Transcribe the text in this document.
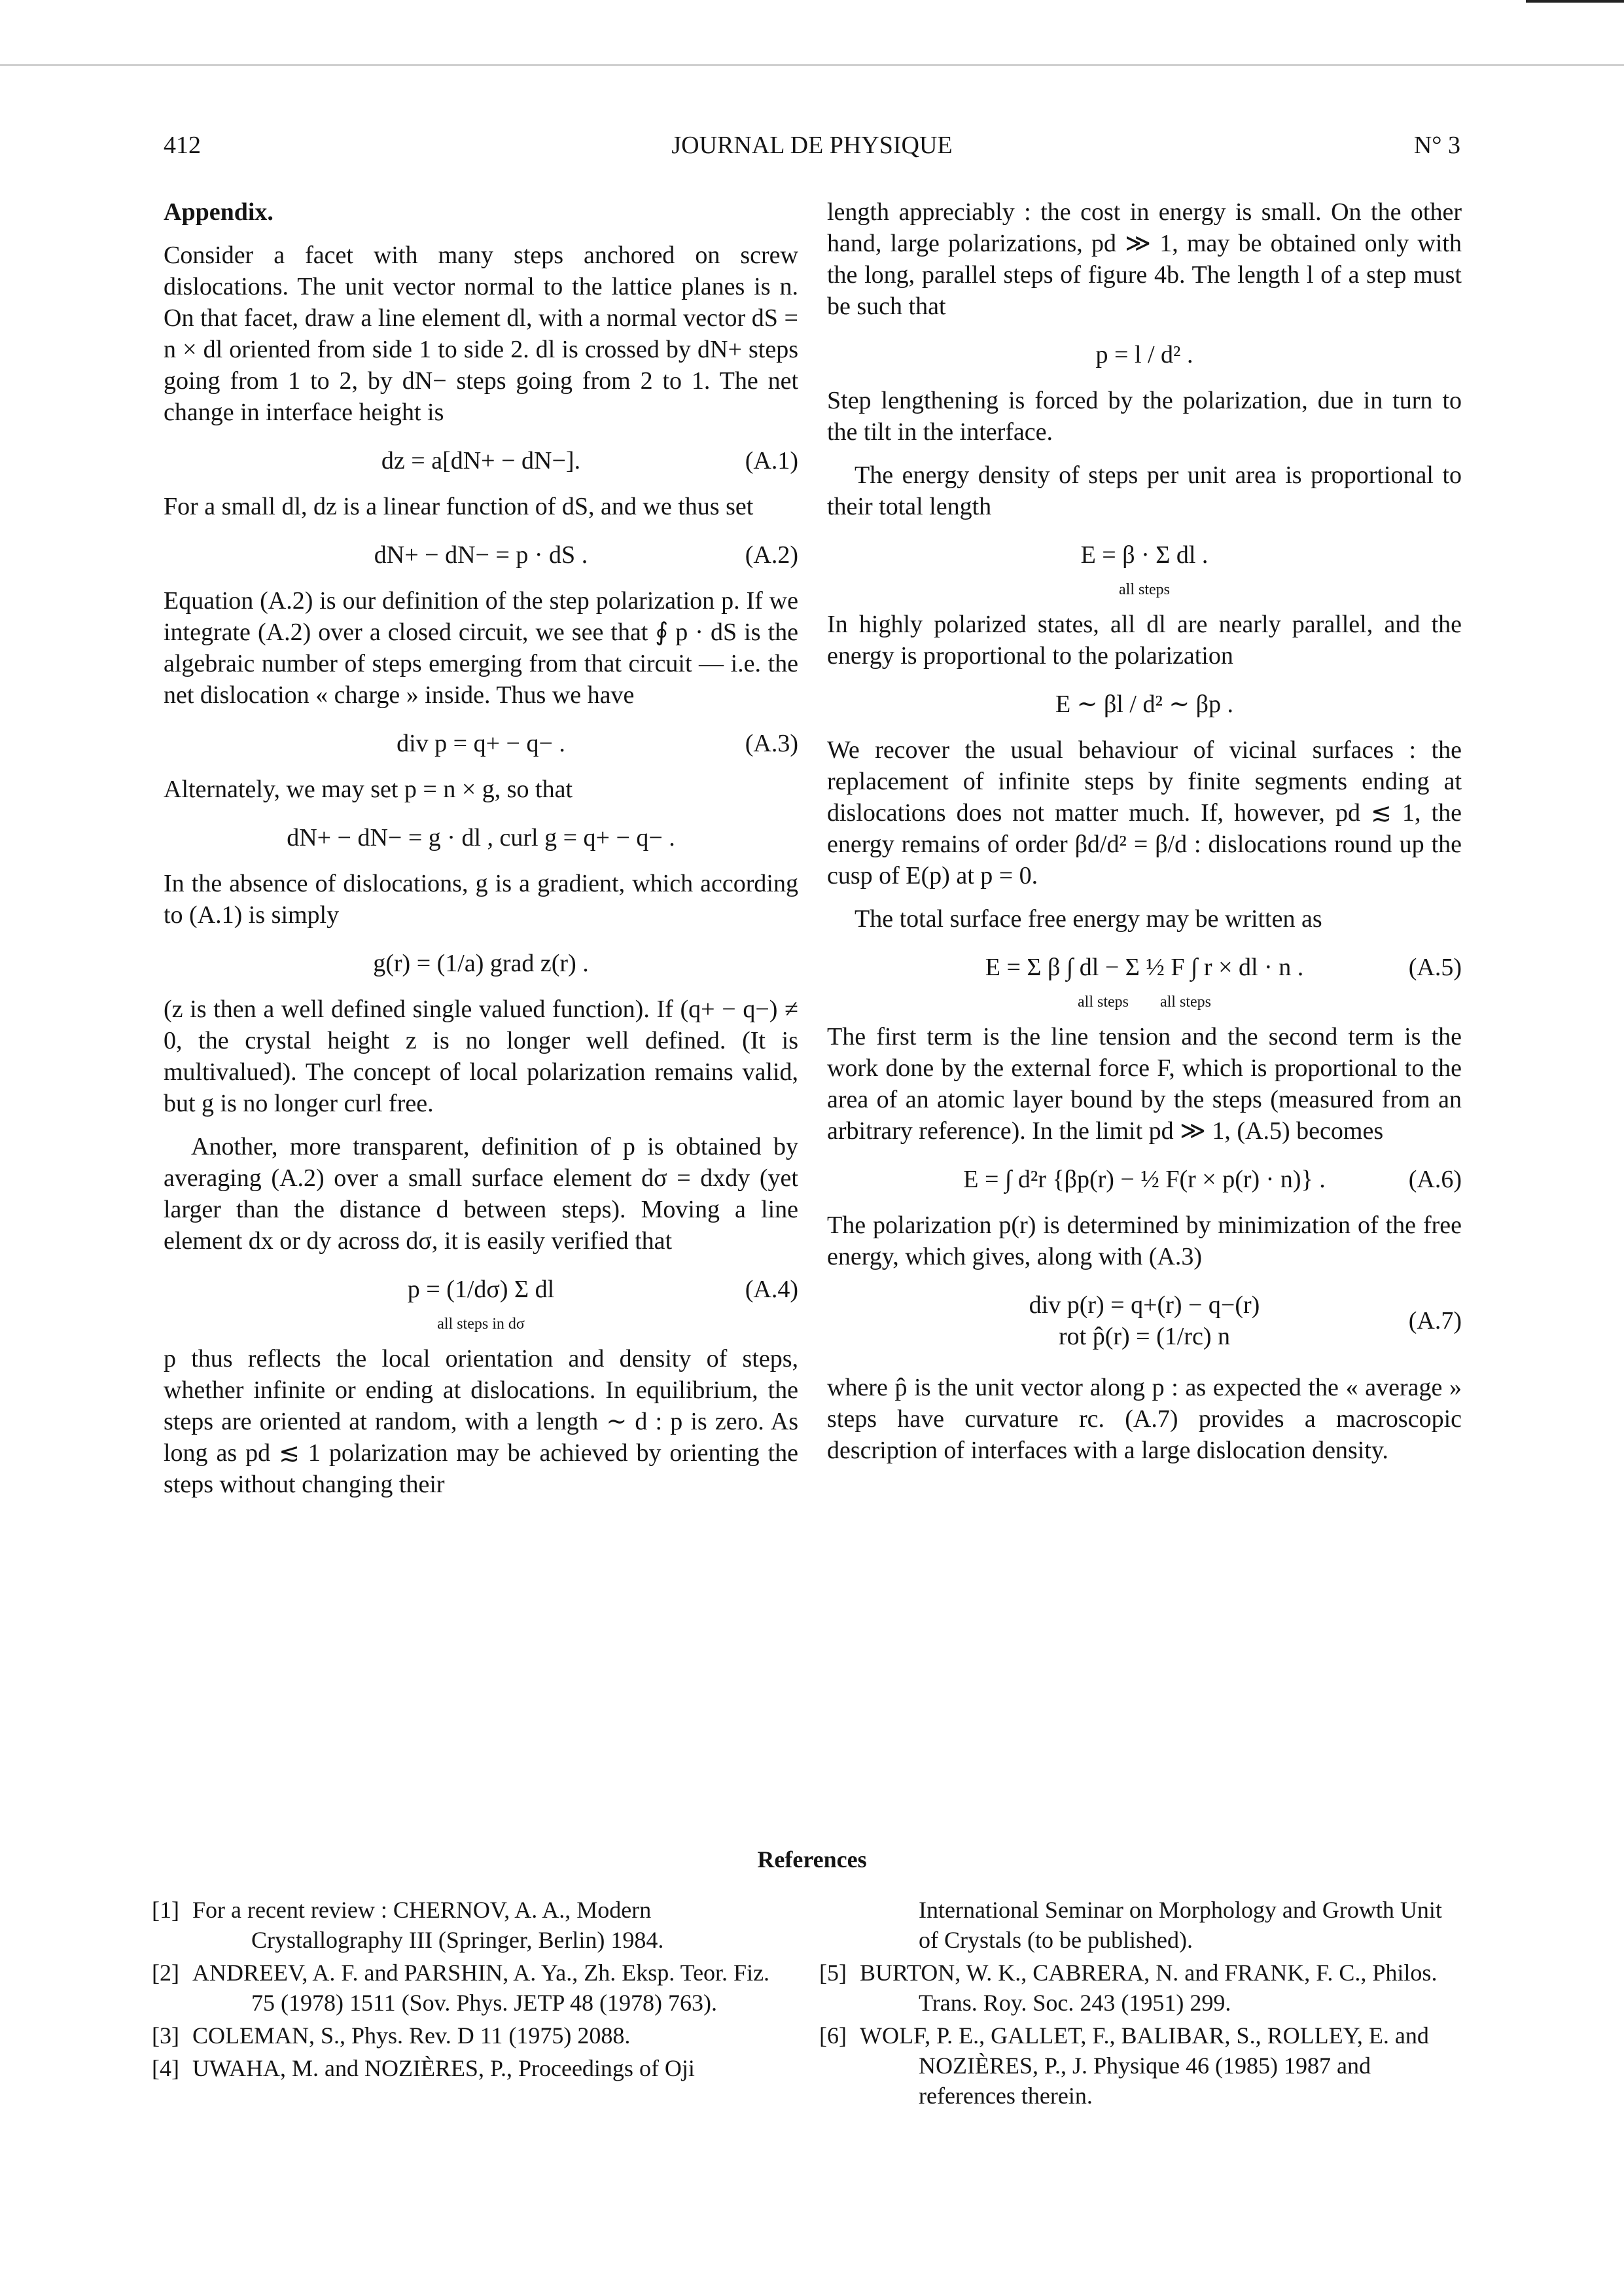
412	JOURNAL DE PHYSIQUE	N° 3

Appendix.

Consider a facet with many steps anchored on screw dislocations. The unit vector normal to the lattice planes is n. On that facet, draw a line element dl, with a normal vector dS = n × dl oriented from side 1 to side 2. dl is crossed by dN+ steps going from 1 to 2, by dN− steps going from 2 to 1. The net change in interface height is

dz = a[dN+ − dN−].	(A.1)

For a small dl, dz is a linear function of dS, and we thus set

dN+ − dN− = p · dS .	(A.2)

Equation (A.2) is our definition of the step polarization p. If we integrate (A.2) over a closed circuit, we see that ∮ p · dS is the algebraic number of steps emerging from that circuit — i.e. the net dislocation « charge » inside. Thus we have

div p = q+ − q− .	(A.3)

Alternately, we may set p = n × g, so that

dN+ − dN− = g · dl , curl g = q+ − q− .

In the absence of dislocations, g is a gradient, which according to (A.1) is simply

g(r) = (1/a) grad z(r) .

(z is then a well defined single valued function). If (q+ − q−) ≠ 0, the crystal height z is no longer well defined. (It is multivalued). The concept of local polarization remains valid, but g is no longer curl free.

Another, more transparent, definition of p is obtained by averaging (A.2) over a small surface element dσ = dxdy (yet larger than the distance d between steps). Moving a line element dx or dy across dσ, it is easily verified that

p = (1/dσ) Σ dl
all steps in dσ
(A.4)

p thus reflects the local orientation and density of steps, whether infinite or ending at dislocations. In equilibrium, the steps are oriented at random, with a length ∼ d : p is zero. As long as pd ≲ 1 polarization may be achieved by orienting the steps without changing their

length appreciably : the cost in energy is small. On the other hand, large polarizations, pd ≫ 1, may be obtained only with the long, parallel steps of figure 4b. The length l of a step must be such that

p = l / d² .

Step lengthening is forced by the polarization, due in turn to the tilt in the interface.

The energy density of steps per unit area is proportional to their total length

E = β · Σ dl .
all steps

In highly polarized states, all dl are nearly parallel, and the energy is proportional to the polarization

E ∼ βl / d² ∼ βp .

We recover the usual behaviour of vicinal surfaces : the replacement of infinite steps by finite segments ending at dislocations does not matter much. If, however, pd ≲ 1, the energy remains of order βd/d² = β/d : dislocations round up the cusp of E(p) at p = 0.

The total surface free energy may be written as

E = Σ β ∫ dl − Σ ½ F ∫ r × dl · n .
all steps        all steps
(A.5)

The first term is the line tension and the second term is the work done by the external force F, which is proportional to the area of an atomic layer bound by the steps (measured from an arbitrary reference). In the limit pd ≫ 1, (A.5) becomes

E = ∫ d²r {βp(r) − ½ F(r × p(r) · n)} .	(A.6)

The polarization p(r) is determined by minimization of the free energy, which gives, along with (A.3)

div p(r) = q+(r) − q−(r)
rot p̂(r) = (1/rc) n
(A.7)

where p̂ is the unit vector along p : as expected the « average » steps have curvature rc. (A.7) provides a macroscopic description of interfaces with a large dislocation density.

References
[1] For a recent review : CHERNOV, A. A., Modern Crystallography III (Springer, Berlin) 1984.
[2] ANDREEV, A. F. and PARSHIN, A. Ya., Zh. Eksp. Teor. Fiz. 75 (1978) 1511 (Sov. Phys. JETP 48 (1978) 763).
[3] COLEMAN, S., Phys. Rev. D 11 (1975) 2088.
[4] UWAHA, M. and NOZIÈRES, P., Proceedings of Oji
International Seminar on Morphology and Growth Unit of Crystals (to be published).
[5] BURTON, W. K., CABRERA, N. and FRANK, F. C., Philos. Trans. Roy. Soc. 243 (1951) 299.
[6] WOLF, P. E., GALLET, F., BALIBAR, S., ROLLEY, E. and NOZIÈRES, P., J. Physique 46 (1985) 1987 and references therein.
